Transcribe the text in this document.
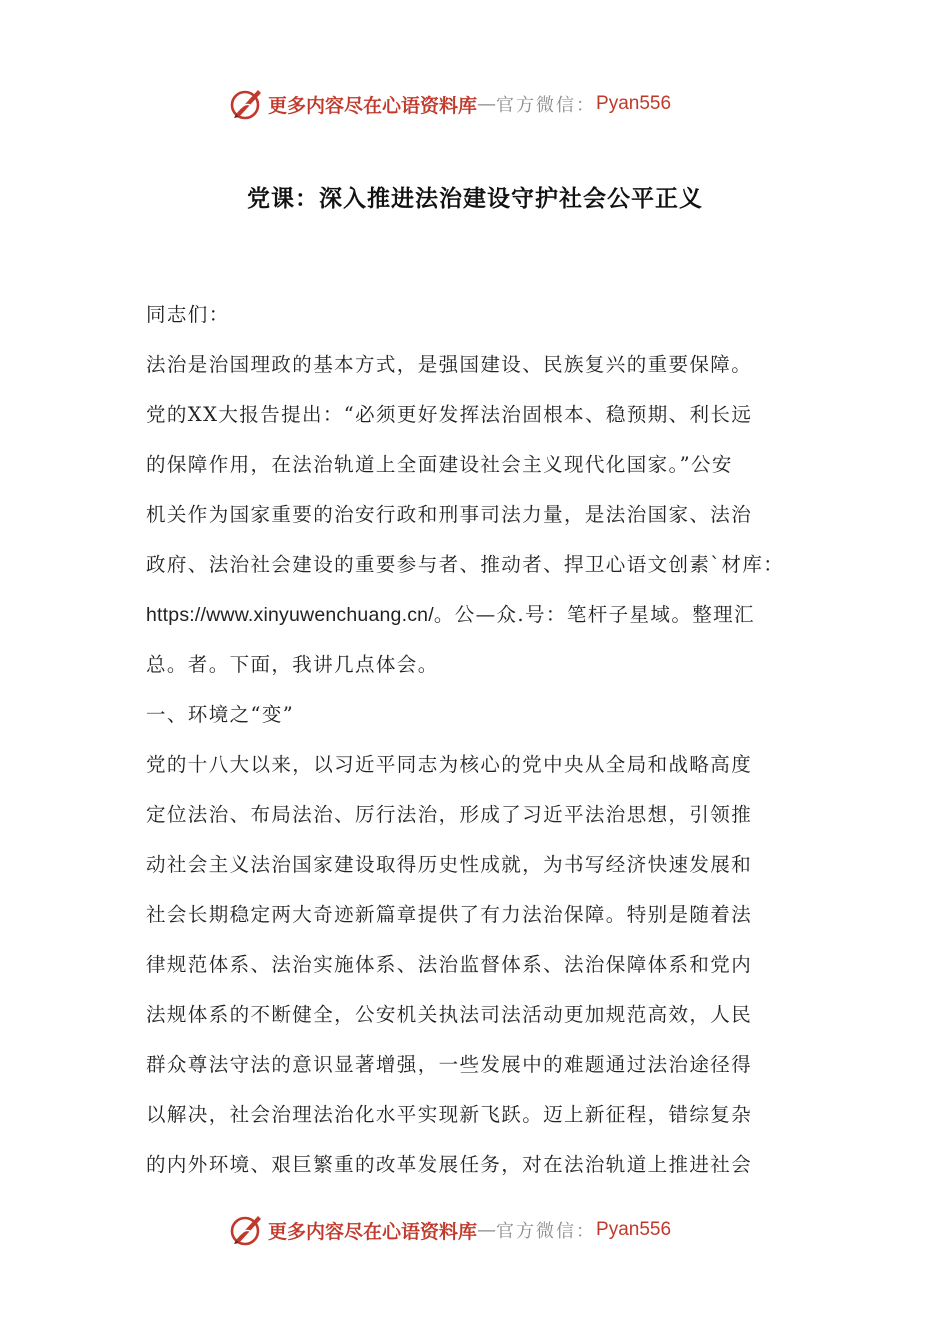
更多内容尽在心语资料库 — 官方微信： Pyan556
党课：深入推进法治建设守护社会公平正义
同志们：
法治是治国理政的基本方式，是强国建设、民族复兴的重要保障。
党的XX大报告提出：“必须更好发挥法治固根本、稳预期、利长远
的保障作用，在法治轨道上全面建设社会主义现代化国家。”公安
机关作为国家重要的治安行政和刑事司法力量，是法治国家、法治
政府、法治社会建设的重要参与者、推动者、捍卫心语文创素`材库：
https://www.xinyuwenchuang.cn/。公—众.号：笔杆子星域。整理汇
总。者。下面，我讲几点体会。
一、环境之“变”
党的十八大以来，以习近平同志为核心的党中央从全局和战略高度
定位法治、布局法治、厉行法治，形成了习近平法治思想，引领推
动社会主义法治国家建设取得历史性成就，为书写经济快速发展和
社会长期稳定两大奇迹新篇章提供了有力法治保障。特别是随着法
律规范体系、法治实施体系、法治监督体系、法治保障体系和党内
法规体系的不断健全，公安机关执法司法活动更加规范高效，人民
群众尊法守法的意识显著增强，一些发展中的难题通过法治途径得
以解决，社会治理法治化水平实现新飞跃。迈上新征程，错综复杂
的内外环境、艰巨繁重的改革发展任务，对在法治轨道上推进社会
更多内容尽在心语资料库 — 官方微信： Pyan556
